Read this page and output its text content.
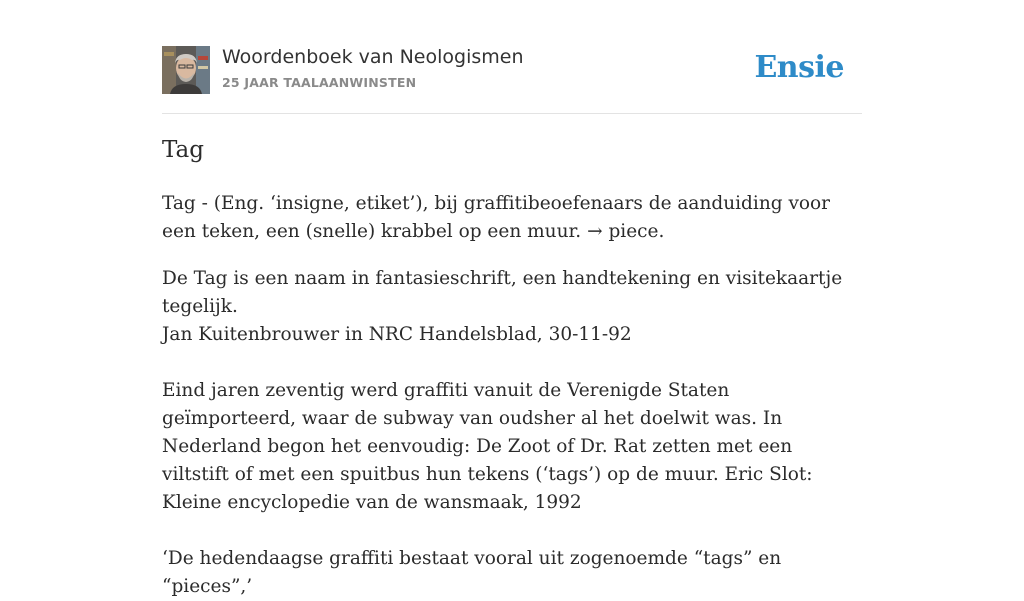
Woordenboek van Neologismen
25 JAAR TAALAANWINSTEN	Ensie
Tag

Tag - (Eng. ‘insigne, etiket’), bij graffitibeoefenaars de aanduiding voor een teken, een (snelle) krabbel op een muur. → piece.

De Tag is een naam in fantasieschrift, een handtekening en visitekaartje tegelijk.
Jan Kuitenbrouwer in NRC Handelsblad, 30-11-92

Eind jaren zeventig werd graffiti vanuit de Verenigde Staten geïmporteerd, waar de subway van oudsher al het doelwit was. In Nederland begon het eenvoudig: De Zoot of Dr. Rat zetten met een viltstift of met een spuitbus hun tekens (‘tags’) op de muur. Eric Slot: Kleine encyclopedie van de wansmaak, 1992

‘De hedendaagse graffiti bestaat vooral uit zogenoemde “tags” en “pieces”,’
